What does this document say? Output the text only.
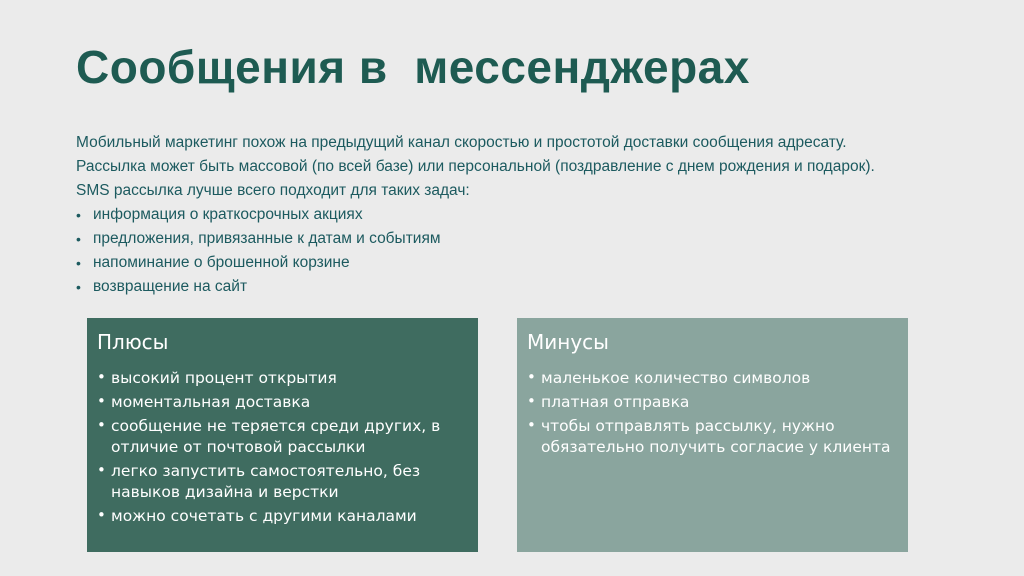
Сообщения в  мессенджерах

Мобильный маркетинг похож на предыдущий канал скоростью и простотой доставки сообщения адресату.

Рассылка может быть массовой (по всей базе) или персональной (поздравление с днем рождения и подарок).

SMS рассылка лучше всего подходит для таких задач:

• информация о краткосрочных акциях
• предложения, привязанные к датам и событиям
• напоминание о брошенной корзине
• возвращение на сайт
Плюсы
• высокий процент открытия
• моментальная доставка
• сообщение не теряется среди других, в отличие от почтовой рассылки
• легко запустить самостоятельно, без навыков дизайна и верстки
• можно сочетать с другими каналами
Минусы
• маленькое количество символов
• платная отправка
• чтобы отправлять рассылку, нужно обязательно получить согласие у клиента
